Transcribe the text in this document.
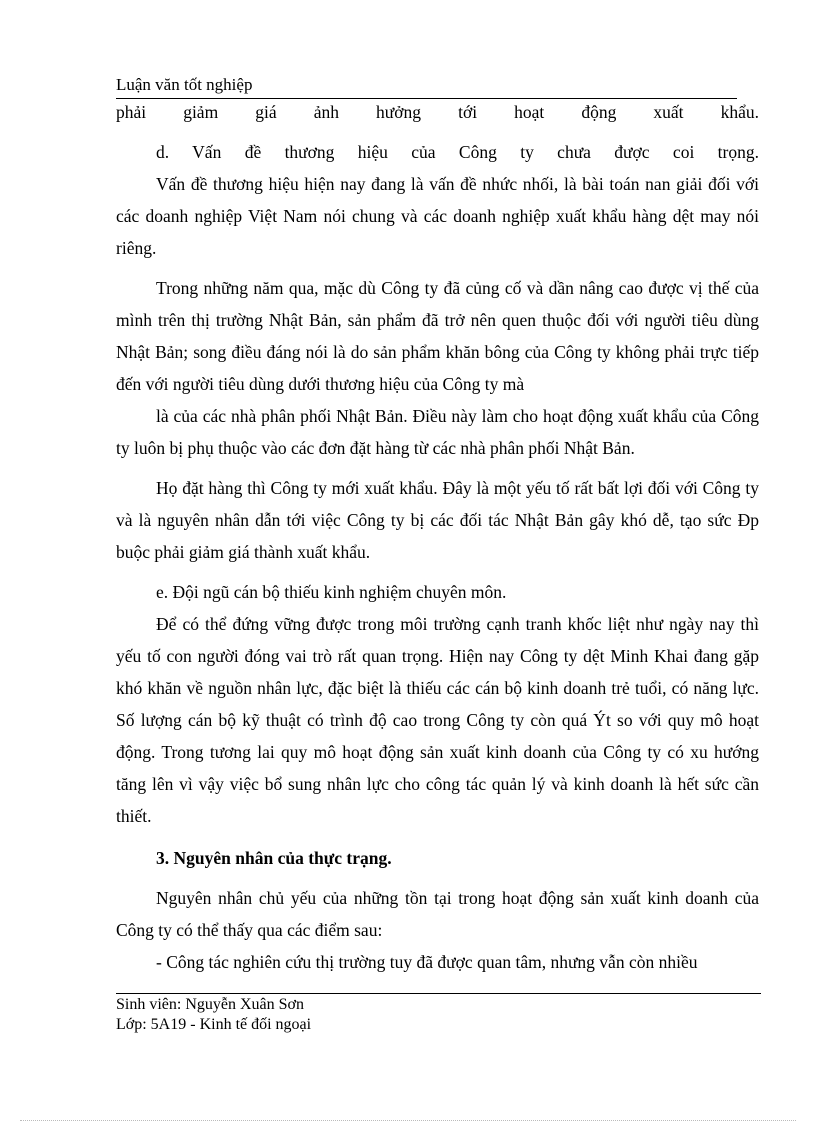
Luận văn tốt nghiệp

phải giảm giá ảnh hưởng tới hoạt động xuất khẩu.

d. Vấn đề thương hiệu của Công ty chưa được coi trọng.

Vấn đề thương hiệu hiện nay đang là vấn đề nhức nhối, là bài toán nan giải đối với các doanh nghiệp Việt Nam nói chung và các doanh nghiệp xuất khẩu hàng dệt may nói riêng.

Trong những năm qua, mặc dù Công ty đã củng cố và dần nâng cao được vị thế của mình trên thị trường Nhật Bản, sản phẩm đã trở nên quen thuộc đối với người tiêu dùng Nhật Bản; song điều đáng nói là do sản phẩm khăn bông của Công ty không phải trực tiếp đến với người tiêu dùng dưới thương hiệu của Công ty mà

là của các nhà phân phối Nhật Bản. Điều này làm cho hoạt động xuất khẩu của Công ty luôn bị phụ thuộc vào các đơn đặt hàng từ các nhà phân phối Nhật Bản.

Họ đặt hàng thì Công ty mới xuất khẩu. Đây là một yếu tố rất bất lợi đối với Công ty và là nguyên nhân dẫn tới việc Công ty bị các đối tác Nhật Bản gây khó dễ, tạo sức Đp buộc phải giảm giá thành xuất khẩu.

e. Đội ngũ cán bộ thiếu kinh nghiệm chuyên môn.

Để có thể đứng vững được trong môi trường cạnh tranh khốc liệt như ngày nay thì yếu tố con người đóng vai trò rất quan trọng. Hiện nay Công ty dệt Minh Khai đang gặp khó khăn về nguồn nhân lực, đặc biệt là thiếu các cán bộ kinh doanh trẻ tuổi, có năng lực. Số lượng cán bộ kỹ thuật có trình độ cao trong Công ty còn quá Ýt so với quy mô hoạt động. Trong tương lai quy mô hoạt động sản xuất kinh doanh của Công ty có xu hướng tăng lên vì vậy việc bổ sung nhân lực cho công tác quản lý và kinh doanh là hết sức cần thiết.

3. Nguyên nhân của thực trạng.

Nguyên nhân chủ yếu của những tồn tại trong hoạt động sản xuất kinh doanh của Công ty có thể thấy qua các điểm sau:

- Công tác nghiên cứu thị trường tuy đã được quan tâm, nhưng vẫn còn nhiều

Sinh viên: Nguyễn Xuân Sơn
Lớp: 5A19 - Kinh tế đối ngoại
